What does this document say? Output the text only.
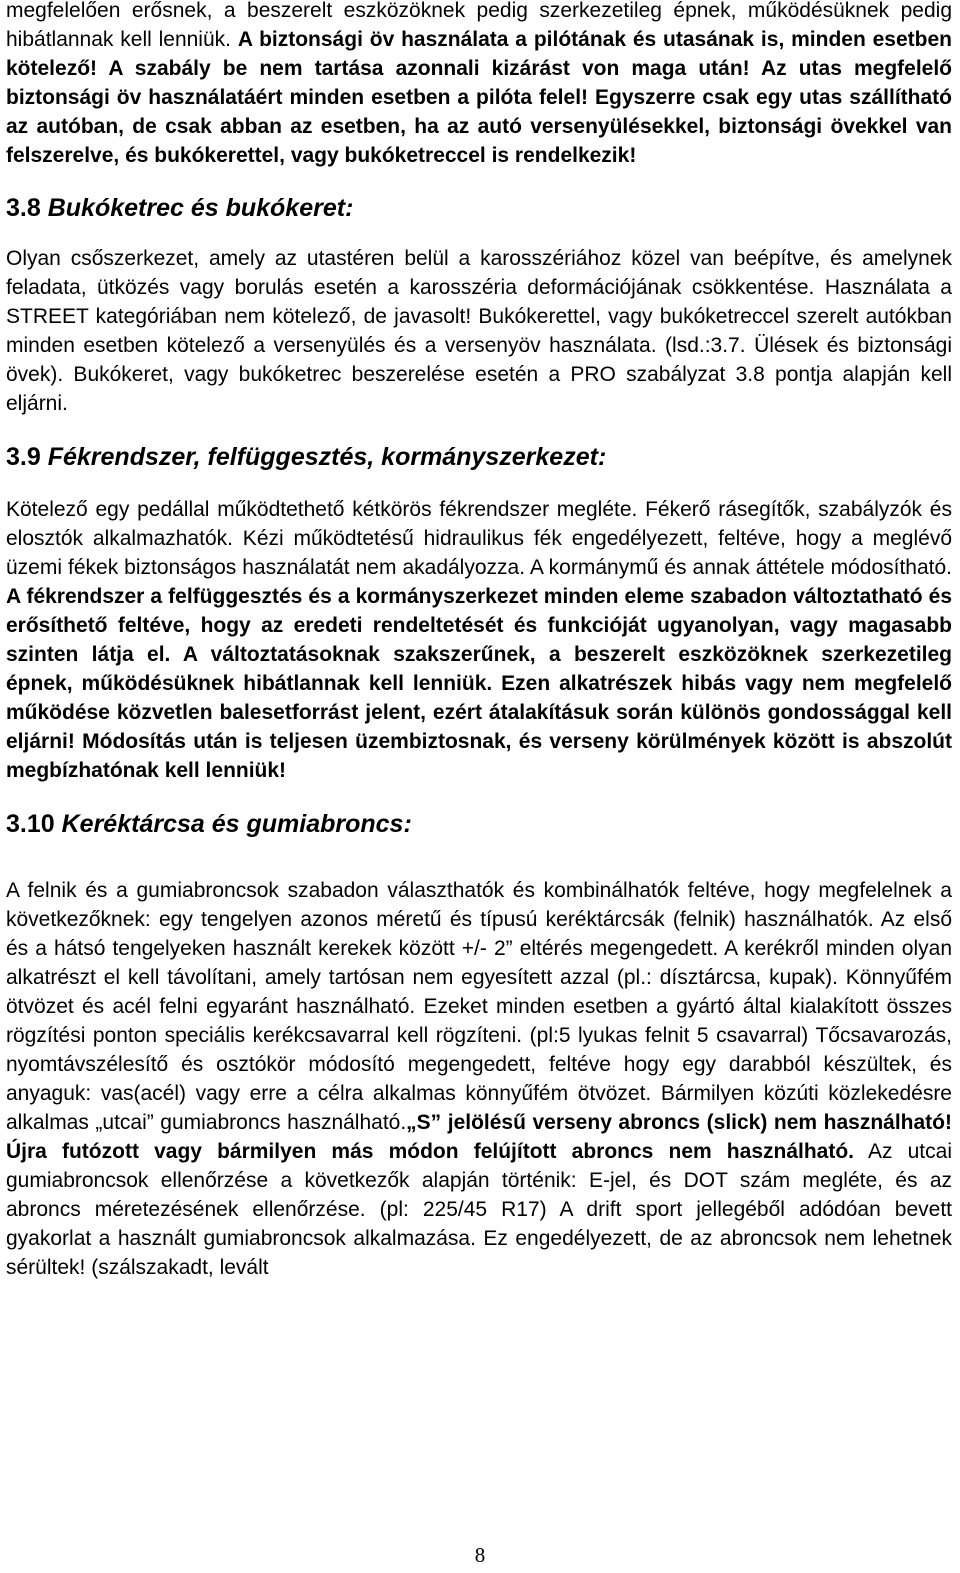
megfelelően erősnek, a beszerelt eszközöknek pedig szerkezetileg épnek, működésüknek pedig hibátlannak kell lenniük. A biztonsági öv használata a pilótának és utasának is, minden esetben kötelező! A szabály be nem tartása azonnali kizárást von maga után! Az utas megfelelő biztonsági öv használatáért minden esetben a pilóta felel! Egyszerre csak egy utas szállítható az autóban, de csak abban az esetben, ha az autó versenyülésekkel, biztonsági övekkel van felszerelve, és bukókerettel, vagy bukóketreccel is rendelkezik!

3.8 Bukóketrec és bukókeret:

Olyan csőszerkezet, amely az utastéren belül a karosszériához közel van beépítve, és amelynek feladata, ütközés vagy borulás esetén a karosszéria deformációjának csökkentése. Használata a STREET kategóriában nem kötelező, de javasolt! Bukókerettel, vagy bukóketreccel szerelt autókban minden esetben kötelező a versenyülés és a versenyöv használata. (lsd.:3.7. Ülések és biztonsági övek). Bukókeret, vagy bukóketrec beszerelése esetén a PRO szabályzat 3.8 pontja alapján kell eljárni.

3.9 Fékrendszer, felfüggesztés, kormányszerkezet:

Kötelező egy pedállal működtethető kétkörös fékrendszer megléte. Fékerő rásegítők, szabályzók és elosztók alkalmazhatók. Kézi működtetésű hidraulikus fék engedélyezett, feltéve, hogy a meglévő üzemi fékek biztonságos használatát nem akadályozza. A kormánymű és annak áttétele módosítható. A fékrendszer a felfüggesztés és a kormányszerkezet minden eleme szabadon változtatható és erősíthető feltéve, hogy az eredeti rendeltetését és funkcióját ugyanolyan, vagy magasabb szinten látja el. A változtatásoknak szakszerűnek, a beszerelt eszközöknek szerkezetileg épnek, működésüknek hibátlannak kell lenniük. Ezen alkatrészek hibás vagy nem megfelelő működése közvetlen balesetforrást jelent, ezért átalakításuk során különös gondossággal kell eljárni! Módosítás után is teljesen üzembiztosnak, és verseny körülmények között is abszolút megbízhatónak kell lenniük!

3.10 Keréktárcsa és gumiabroncs:

A felnik és a gumiabroncsok szabadon választhatók és kombinálhatók feltéve, hogy megfelelnek a következőknek: egy tengelyen azonos méretű és típusú keréktárcsák (felnik) használhatók. Az első és a hátsó tengelyeken használt kerekek között +/- 2” eltérés megengedett. A kerékről minden olyan alkatrészt el kell távolítani, amely tartósan nem egyesített azzal (pl.: dísztárcsa, kupak). Könnyűfém ötvözet és acél felni egyaránt használható. Ezeket minden esetben a gyártó által kialakított összes rögzítési ponton speciális kerékcsavarral kell rögzíteni. (pl:5 lyukas felnit 5 csavarral) Tőcsavarozás, nyomtávszélesítő és osztókör módosító megengedett, feltéve hogy egy darabból készültek, és anyaguk: vas(acél) vagy erre a célra alkalmas könnyűfém ötvözet. Bármilyen közúti közlekedésre alkalmas „utcai” gumiabroncs használható.„S” jelölésű verseny abroncs (slick) nem használható! Újra futózott vagy bármilyen más módon felújított abroncs nem használható. Az utcai gumiabroncsok ellenőrzése a következők alapján történik: E-jel, és DOT szám megléte, és az abroncs méretezésének ellenőrzése. (pl: 225/45 R17) A drift sport jellegéből adódóan bevett gyakorlat a használt gumiabroncsok alkalmazása. Ez engedélyezett, de az abroncsok nem lehetnek sérültek! (szálszakadt, levált

8
